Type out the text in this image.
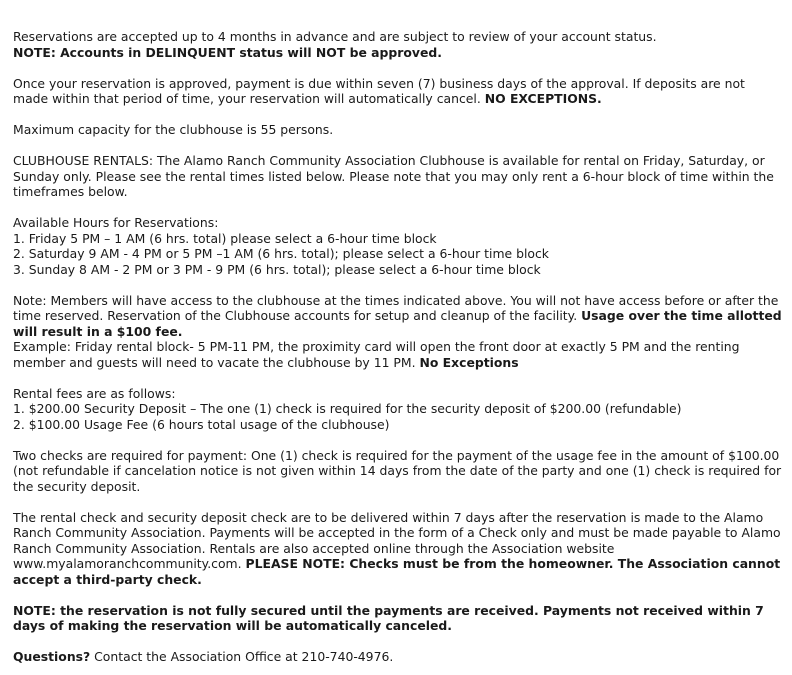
Reservations are accepted up to 4 months in advance and are subject to review of your account status.
NOTE: Accounts in DELINQUENT status will NOT be approved.

Once your reservation is approved, payment is due within seven (7) business days of the approval. If deposits are not made within that period of time, your reservation will automatically cancel. NO EXCEPTIONS.

Maximum capacity for the clubhouse is 55 persons.

CLUBHOUSE RENTALS: The Alamo Ranch Community Association Clubhouse is available for rental on Friday, Saturday, or Sunday only. Please see the rental times listed below. Please note that you may only rent a 6-hour block of time within the timeframes below.

Available Hours for Reservations:
1. Friday 5 PM – 1 AM (6 hrs. total) please select a 6-hour time block
2. Saturday 9 AM - 4 PM or 5 PM –1 AM (6 hrs. total); please select a 6-hour time block
3. Sunday 8 AM - 2 PM or 3 PM - 9 PM (6 hrs. total); please select a 6-hour time block

Note: Members will have access to the clubhouse at the times indicated above. You will not have access before or after the time reserved. Reservation of the Clubhouse accounts for setup and cleanup of the facility. Usage over the time allotted will result in a $100 fee.
Example: Friday rental block- 5 PM-11 PM, the proximity card will open the front door at exactly 5 PM and the renting member and guests will need to vacate the clubhouse by 11 PM. No Exceptions

Rental fees are as follows:
1. $200.00 Security Deposit – The one (1) check is required for the security deposit of $200.00 (refundable)
2. $100.00 Usage Fee (6 hours total usage of the clubhouse)

Two checks are required for payment: One (1) check is required for the payment of the usage fee in the amount of $100.00 (not refundable if cancelation notice is not given within 14 days from the date of the party and one (1) check is required for the security deposit.

The rental check and security deposit check are to be delivered within 7 days after the reservation is made to the Alamo Ranch Community Association. Payments will be accepted in the form of a Check only and must be made payable to Alamo Ranch Community Association. Rentals are also accepted online through the Association website www.myalamoranchcommunity.com. PLEASE NOTE: Checks must be from the homeowner. The Association cannot accept a third-party check.

NOTE: the reservation is not fully secured until the payments are received. Payments not received within 7 days of making the reservation will be automatically canceled.

Questions? Contact the Association Office at 210-740-4976.
